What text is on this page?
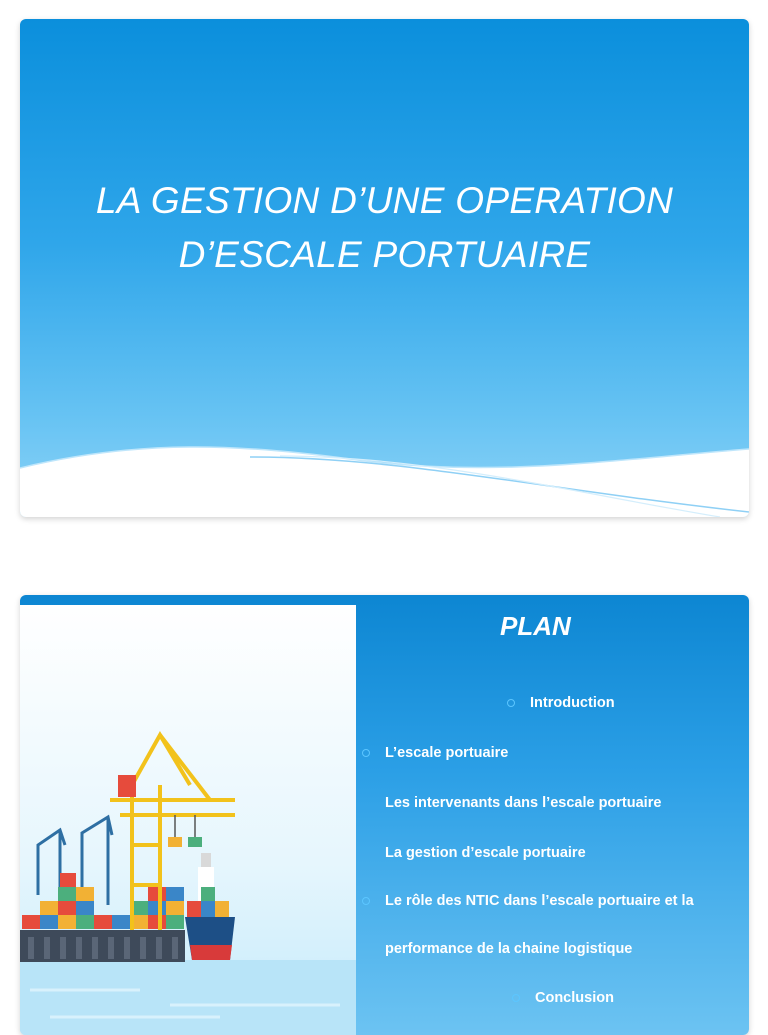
LA GESTION D’UNE OPERATION
D’ESCALE PORTUAIRE
YOUSFI SARA
PLAN
Introduction
L’escale portuaire
Les intervenants dans l’escale portuaire
La gestion d’escale portuaire
Le rôle des NTIC dans l’escale portuaire et la
performance de la chaine logistique
Conclusion
